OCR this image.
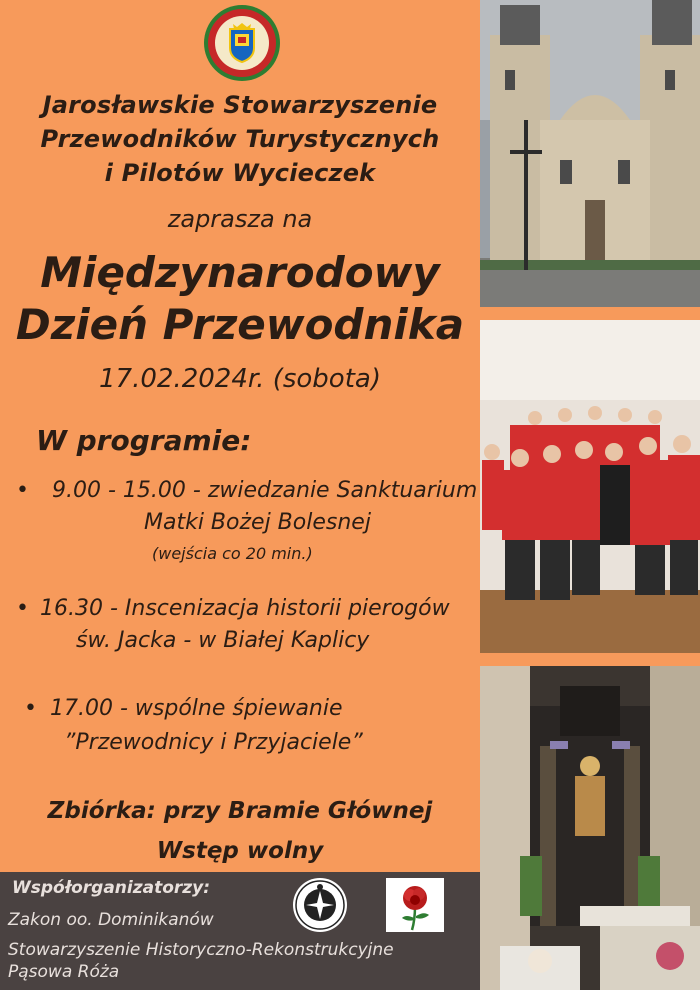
Jarosławskie Stowarzyszenie
Przewodników Turystycznych
i Pilotów Wycieczek
zaprasza na
Międzynarodowy
Dzień Przewodnika
17.02.2024r. (sobota)
W programie:
• 9.00 - 15.00 - zwiedzanie Sanktuarium
Matki Bożej Bolesnej
(wejścia co 20 min.)
• 16.30 - Inscenizacja historii pierogów
św. Jacka - w Białej Kaplicy
• 17.00 - wspólne śpiewanie
”Przewodnicy i Przyjaciele”
Zbiórka: przy Bramie Głównej
Wstęp wolny
Współorganizatorzy:
Zakon oo. Dominikanów
Stowarzyszenie Historyczno-Rekonstrukcyjne
Pąsowa Róża
